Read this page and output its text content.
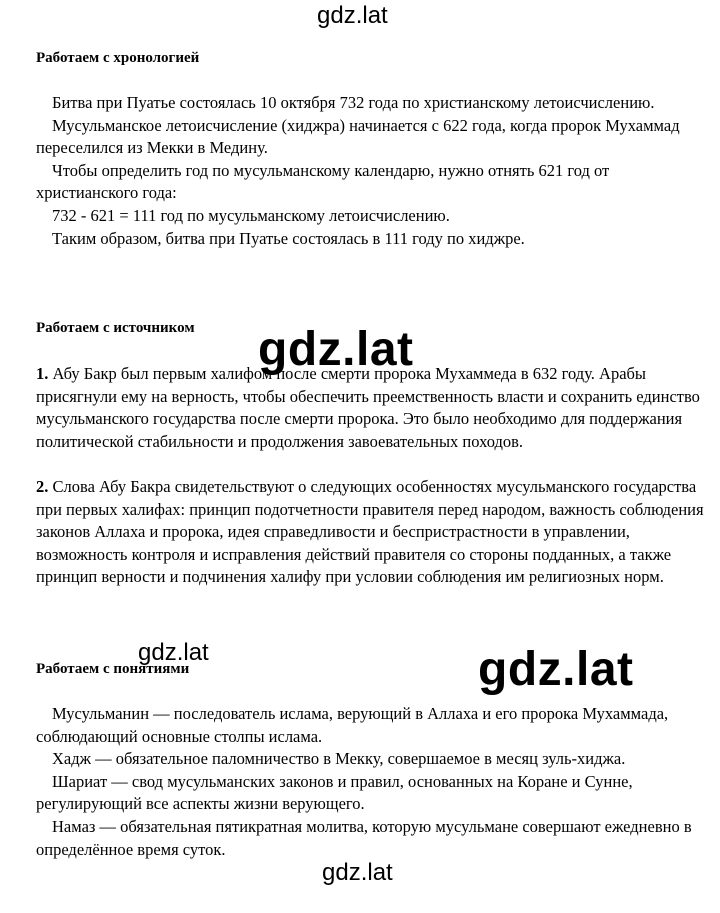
gdz.lat
Работаем с хронологией

Битва при Пуатье состоялась 10 октября 732 года по христианскому летоисчислению.

Мусульманское летоисчисление (хиджра) начинается с 622 года, когда пророк Мухаммад переселился из Мекки в Медину.

Чтобы определить год по мусульманскому календарю, нужно отнять 621 год от христианского года:

732 - 621 = 111 год по мусульманскому летоисчислению.

Таким образом, битва при Пуатье состоялась в 111 году по хиджре.

Работаем с источником gdz.lat

1. Абу Бакр был первым халифом после смерти пророка Мухаммеда в 632 году. Арабы присягнули ему на верность, чтобы обеспечить преемственность власти и сохранить единство мусульманского государства после смерти пророка. Это было необходимо для поддержания политической стабильности и продолжения завоевательных походов.

2. Слова Абу Бакра свидетельствуют о следующих особенностях мусульманского государства при первых халифах: принцип подотчетности правителя перед народом, важность соблюдения законов Аллаха и пророка, идея справедливости и беспристрастности в управлении, возможность контроля и исправления действий правителя со стороны подданных, а также принцип верности и подчинения халифу при условии соблюдения им религиозных норм.

gdz.lat	gdz.lat
Работаем с понятиями

Мусульманин — последователь ислама, верующий в Аллаха и его пророка Мухаммада, соблюдающий основные столпы ислама.

Хадж — обязательное паломничество в Мекку, совершаемое в месяц зуль-хиджа.

Шариат — свод мусульманских законов и правил, основанных на Коране и Сунне, регулирующий все аспекты жизни верующего.

Намаз — обязательная пятикратная молитва, которую мусульмане совершают ежедневно в определённое время суток.

gdz.lat
